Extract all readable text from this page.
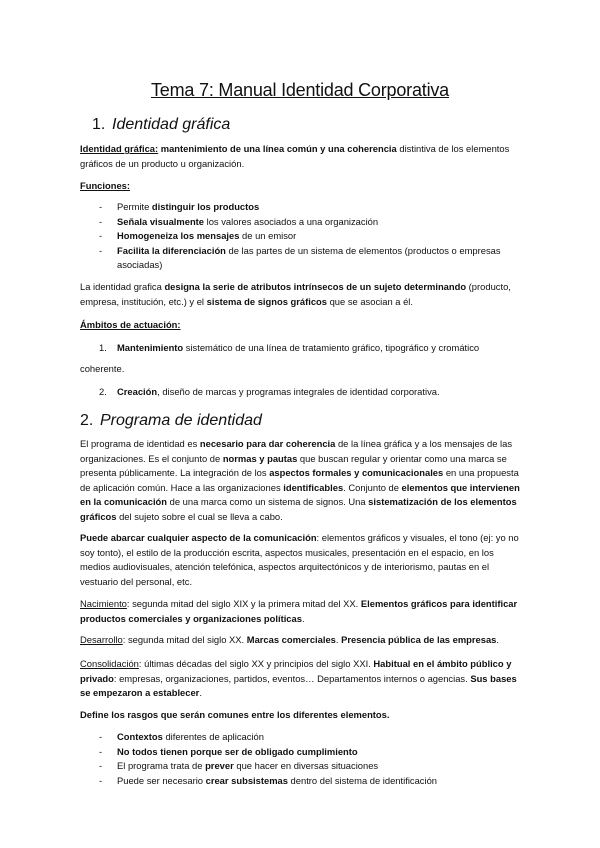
Tema 7: Manual Identidad Corporativa
1. Identidad gráfica

Identidad gráfica: mantenimiento de una línea común y una coherencia distintiva de los elementos gráficos de un producto u organización.

Funciones:

- Permite distinguir los productos
- Señala visualmente los valores asociados a una organización
- Homogeneiza los mensajes de un emisor
- Facilita la diferenciación de las partes de un sistema de elementos (productos o empresas asociadas)

La identidad grafica designa la serie de atributos intrínsecos de un sujeto determinando (producto, empresa, institución, etc.) y el sistema de signos gráficos que se asocian a él.

Ámbitos de actuación:

1. Mantenimiento sistemático de una línea de tratamiento gráfico, tipográfico y cromático

coherente.

2. Creación, diseño de marcas y programas integrales de identidad corporativa.
2. Programa de identidad

El programa de identidad es necesario para dar coherencia de la línea gráfica y a los mensajes de las organizaciones. Es el conjunto de normas y pautas que buscan regular y orientar como una marca se presenta públicamente. La integración de los aspectos formales y comunicacionales en una propuesta de aplicación común. Hace a las organizaciones identificables. Conjunto de elementos que intervienen en la comunicación de una marca como un sistema de signos. Una sistematización de los elementos gráficos del sujeto sobre el cual se lleva a cabo.

Puede abarcar cualquier aspecto de la comunicación: elementos gráficos y visuales, el tono (ej: yo no soy tonto), el estilo de la producción escrita, aspectos musicales, presentación en el espacio, en los medios audiovisuales, atención telefónica, aspectos arquitectónicos y de interiorismo, pautas en el vestuario del personal, etc.

Nacimiento: segunda mitad del siglo XIX y la primera mitad del XX. Elementos gráficos para identificar productos comerciales y organizaciones políticas.

Desarrollo: segunda mitad del siglo XX. Marcas comerciales. Presencia pública de las empresas.

Consolidación: últimas décadas del siglo XX y principios del siglo XXI. Habitual en el ámbito público y privado: empresas, organizaciones, partidos, eventos… Departamentos internos o agencias. Sus bases se empezaron a establecer.

Define los rasgos que serán comunes entre los diferentes elementos.

- Contextos diferentes de aplicación
- No todos tienen porque ser de obligado cumplimiento
- El programa trata de prever que hacer en diversas situaciones
- Puede ser necesario crear subsistemas dentro del sistema de identificación
